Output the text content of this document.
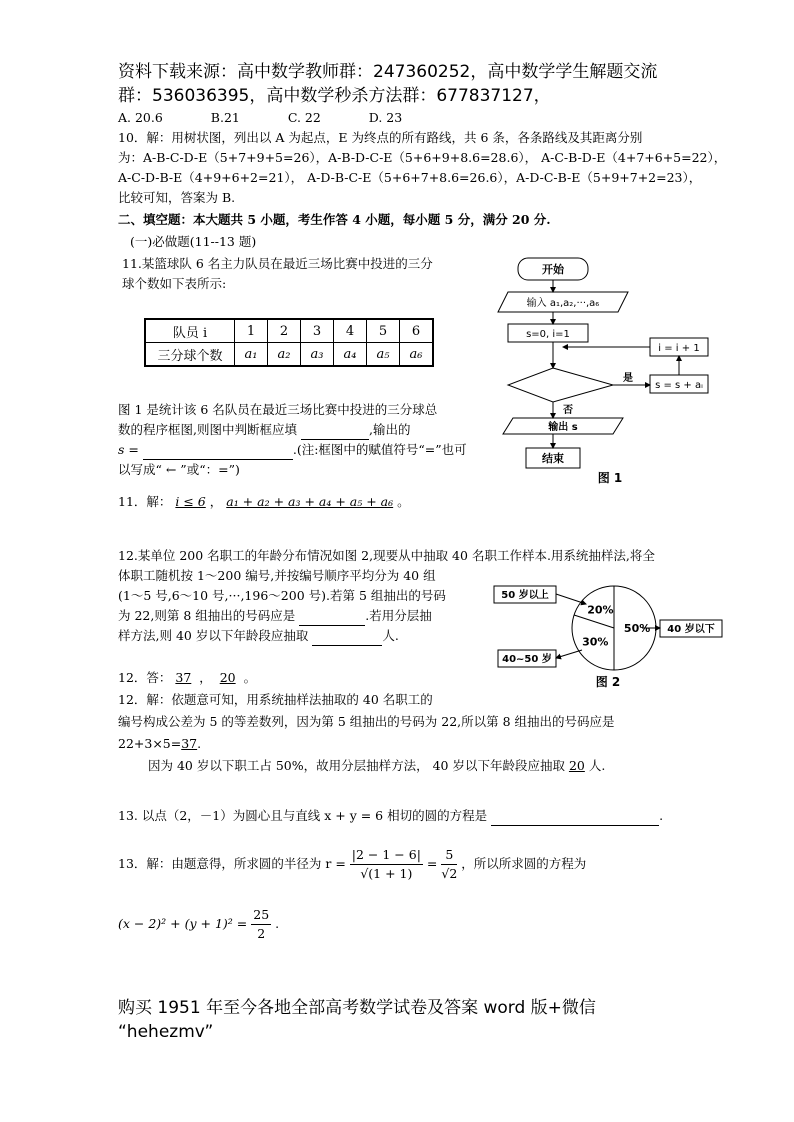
资料下载来源：高中数学教师群：247360252，高中数学学生解题交流
群：536036395，高中数学秒杀方法群：677837127，
A. 20.6	B.21	C. 22	D. 23
10．解：用树状图，列出以 A 为起点，E 为终点的所有路线，共 6 条，各条路线及其距离分别
为：A-B-C-D-E（5+7+9+5=26），A-B-D-C-E（5+6+9+8.6=28.6）， A-C-B-D-E（4+7+6+5=22），
A-C-D-B-E（4+9+6+2=21）， A-D-B-C-E（5+6+7+8.6=26.6），A-D-C-B-E（5+9+7+2=23），
比较可知，答案为 B.
二、填空题：本大题共 5 小题，考生作答 4 小题，每小题 5 分，满分 20 分.
(一)必做题(11--13 题)
11.某篮球队 6 名主力队员在最近三场比赛中投进的三分
球个数如下表所示:
队员 i	1	2	3	4	5	6
三分球个数	a₁	a₂	a₃	a₄	a₅	a₆
图 1 是统计该 6 名队员在最近三场比赛中投进的三分球总
数的程序框图,则图中判断框应填	,输出的
s =	.(注:框图中的赋值符号“=”也可
以写成“ ← ”或“：=”)
11．解： i ≤ 6 ， a₁ + a₂ + a₃ + a₄ + a₅ + a₆ 。
开始
输入 a₁,a₂,···,a₆
s=0, i=1
i = i + 1
是
s = s + aᵢ
否
输出 s
结束
图 1
12.某单位 200 名职工的年龄分布情况如图 2,现要从中抽取 40 名职工作样本.用系统抽样法,将全
体职工随机按 1～200 编号,并按编号顺序平均分为 40 组
(1～5 号,6～10 号,···,196～200 号).若第 5 组抽出的号码
为 22,则第 8 组抽出的号码应是	.若用分层抽
样方法,则 40 岁以下年龄段应抽取	人.
20%
30%
50%
50 岁以上
40 岁以下
40~50 岁
图 2
12．答： 37  ，  20 。
12．解：依题意可知，用系统抽样法抽取的 40 名职工的
编号构成公差为 5 的等差数列，因为第 5 组抽出的号码为 22,所以第 8 组抽出的号码应是
22+3×5=37.
因为 40 岁以下职工占 50%，故用分层抽样方法， 40 岁以下年龄段应抽取 20 人.
13. 以点（2，－1）为圆心且与直线 x + y = 6 相切的圆的方程是	.
13．解：由题意得，所求圆的半径为 $r = \frac{|2 - 1 - 6|}{√(1 + 1)} = \frac{5}{√2}$ ，所以所求圆的方程为
$(x - 2)^2 + (y + 1)^2 = \frac{25}{2}$ .
购买 1951 年至今各地全部高考数学试卷及答案 word 版+微信
“hehezmv”
